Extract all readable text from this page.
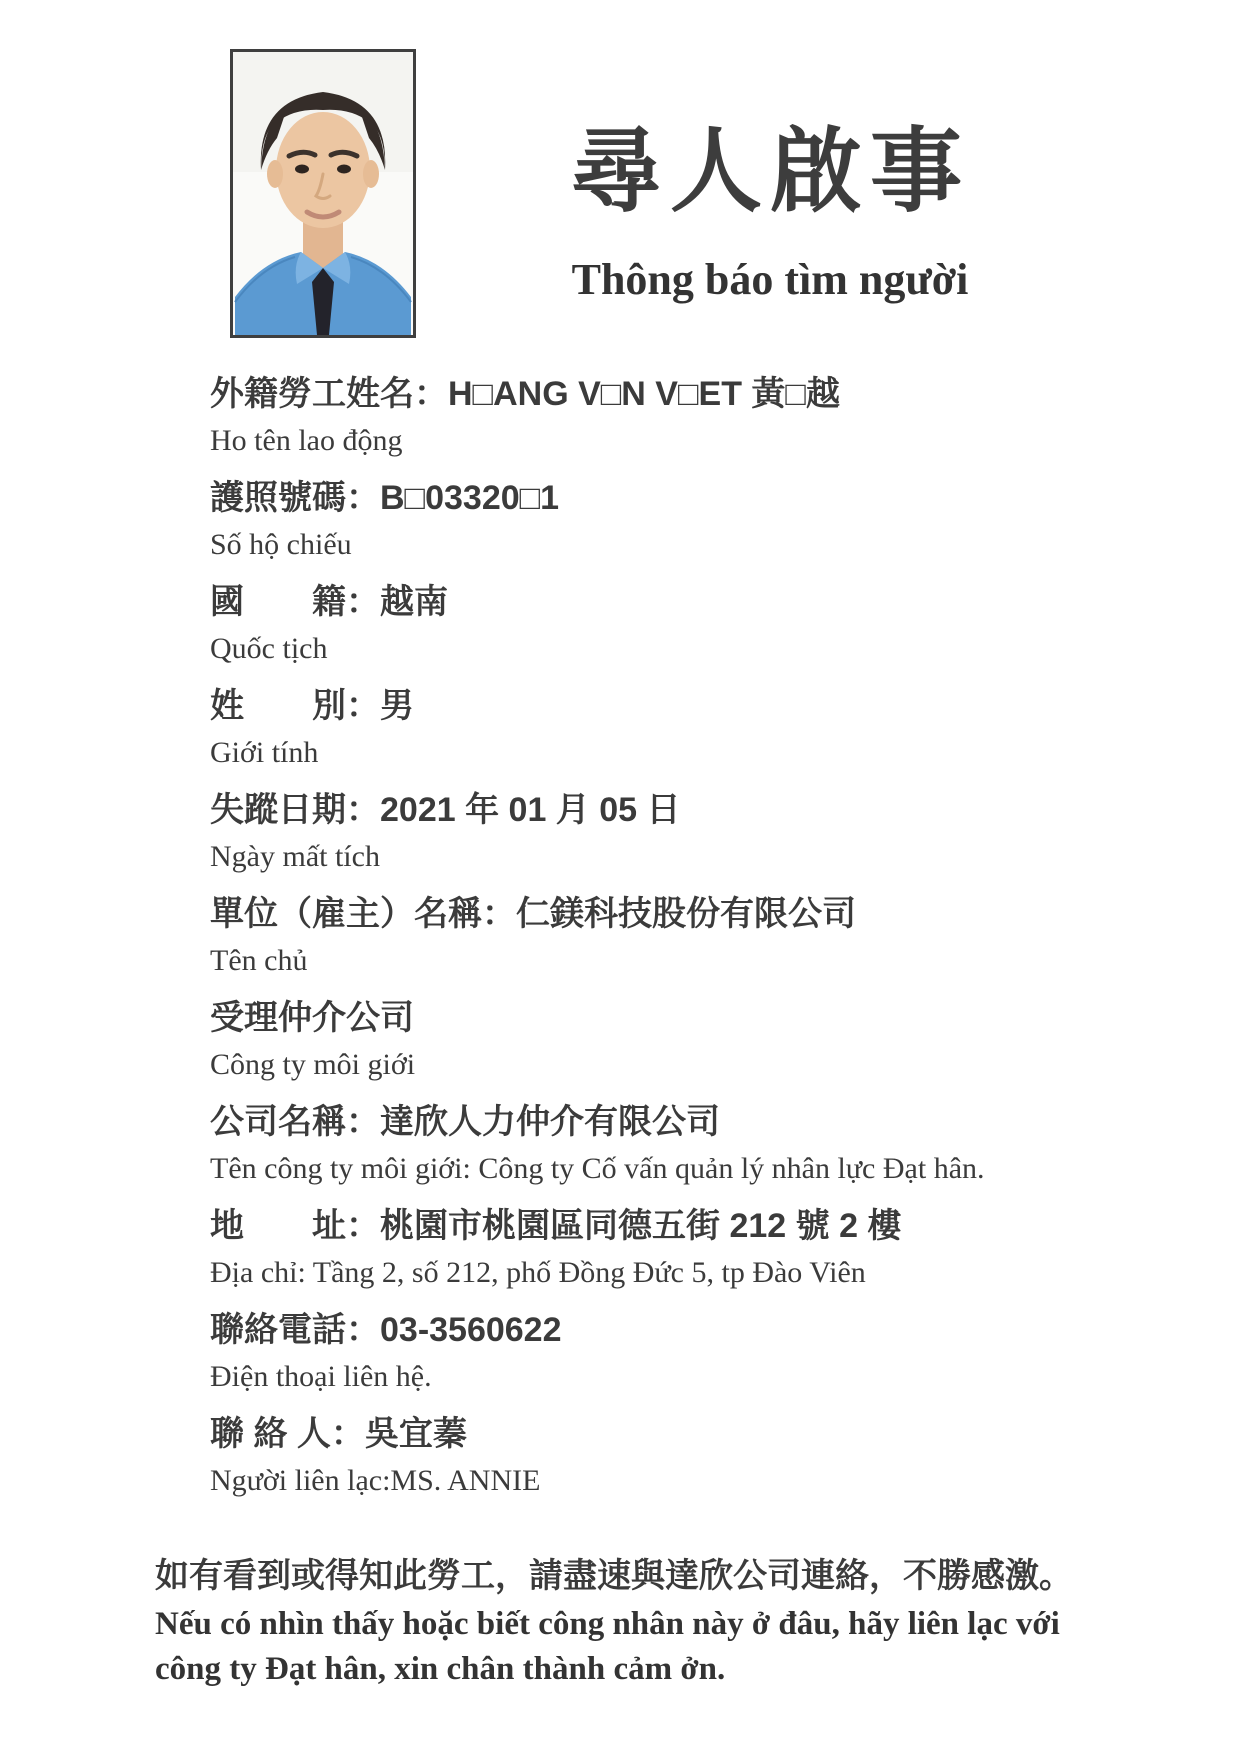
尋人啟事
Thông báo tìm người
外籍勞工姓名：H□ANG V□N V□ET 黃□越
Ho tên lao động
護照號碼：B□03320□1
Số hộ chiếu
國　　籍：越南
Quốc tịch
姓　　別：男
Giới tính
失蹤日期：2021 年 01 月 05 日
Ngày mất tích
單位（雇主）名稱：仁鎂科技股份有限公司
Tên chủ
受理仲介公司
Công ty môi giới
公司名稱：達欣人力仲介有限公司
Tên công ty môi giới: Công ty Cố vấn quản lý nhân lực Đạt hân.
地　　址：桃園市桃園區同德五街 212 號 2 樓
Địa chỉ: Tầng 2, số 212, phố Đồng Đức 5, tp Đào Viên
聯絡電話：03-3560622
Điện thoại liên hệ.
聯 絡 人：吳宜蓁
Người liên lạc:MS. ANNIE
如有看到或得知此勞工，請盡速與達欣公司連絡，不勝感激。
Nếu có nhìn thấy hoặc biết công nhân này ở đâu, hãy liên lạc với
công ty Đạt hân, xin chân thành cảm ởn.
